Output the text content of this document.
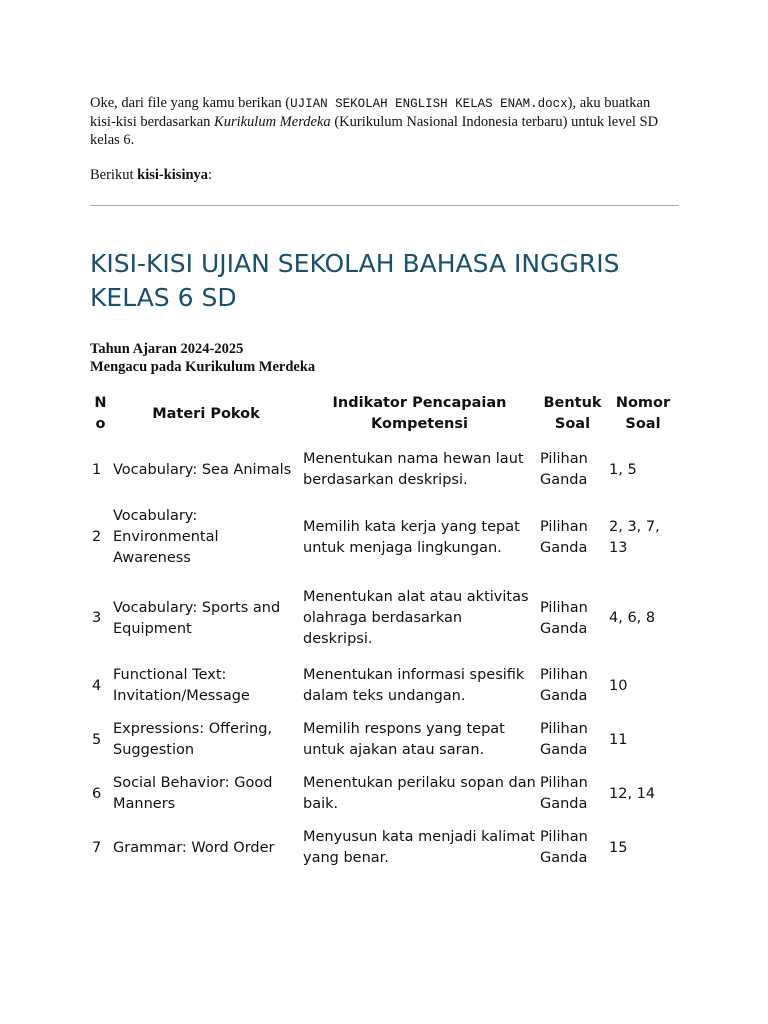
Oke, dari file yang kamu berikan (UJIAN SEKOLAH ENGLISH KELAS ENAM.docx), aku buatkan kisi-kisi berdasarkan Kurikulum Merdeka (Kurikulum Nasional Indonesia terbaru) untuk level SD kelas 6.

Berikut kisi-kisinya:

KISI-KISI UJIAN SEKOLAH BAHASA INGGRIS KELAS 6 SD

Tahun Ajaran 2024-2025
Mengacu pada Kurikulum Merdeka

No	Materi Pokok	Indikator Pencapaian Kompetensi	Bentuk Soal	Nomor Soal
1	Vocabulary: Sea Animals	Menentukan nama hewan laut berdasarkan deskripsi.	Pilihan Ganda	1, 5
2	Vocabulary: Environmental Awareness	Memilih kata kerja yang tepat untuk menjaga lingkungan.	Pilihan Ganda	2, 3, 7, 13
3	Vocabulary: Sports and Equipment	Menentukan alat atau aktivitas olahraga berdasarkan deskripsi.	Pilihan Ganda	4, 6, 8
4	Functional Text: Invitation/Message	Menentukan informasi spesifik dalam teks undangan.	Pilihan Ganda	10
5	Expressions: Offering, Suggestion	Memilih respons yang tepat untuk ajakan atau saran.	Pilihan Ganda	11
6	Social Behavior: Good Manners	Menentukan perilaku sopan dan baik.	Pilihan Ganda	12, 14
7	Grammar: Word Order	Menyusun kata menjadi kalimat yang benar.	Pilihan Ganda	15
